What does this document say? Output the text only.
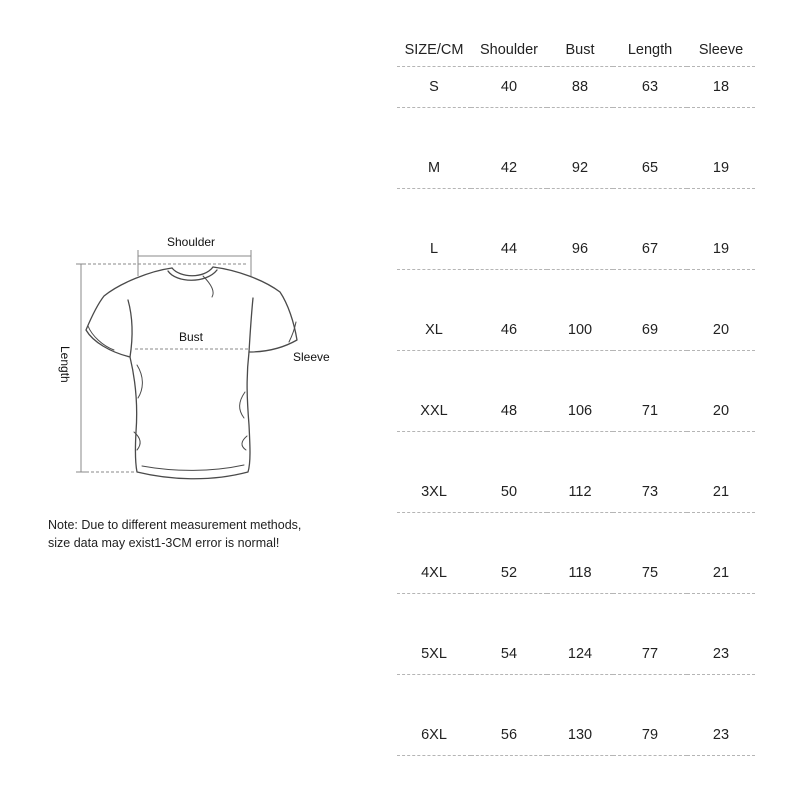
Shoulder
Bust
Sleeve
Length
Note: Due to different measurement methods,
size data may exist1-3CM error is normal!
SIZE/CM	Shoulder	Bust	Length	Sleeve
S	40	88	63	18

M	42	92	65	19

L	44	96	67	19

XL	46	100	69	20

XXL	48	106	71	20

3XL	50	112	73	21

4XL	52	118	75	21

5XL	54	124	77	23

6XL	56	130	79	23
